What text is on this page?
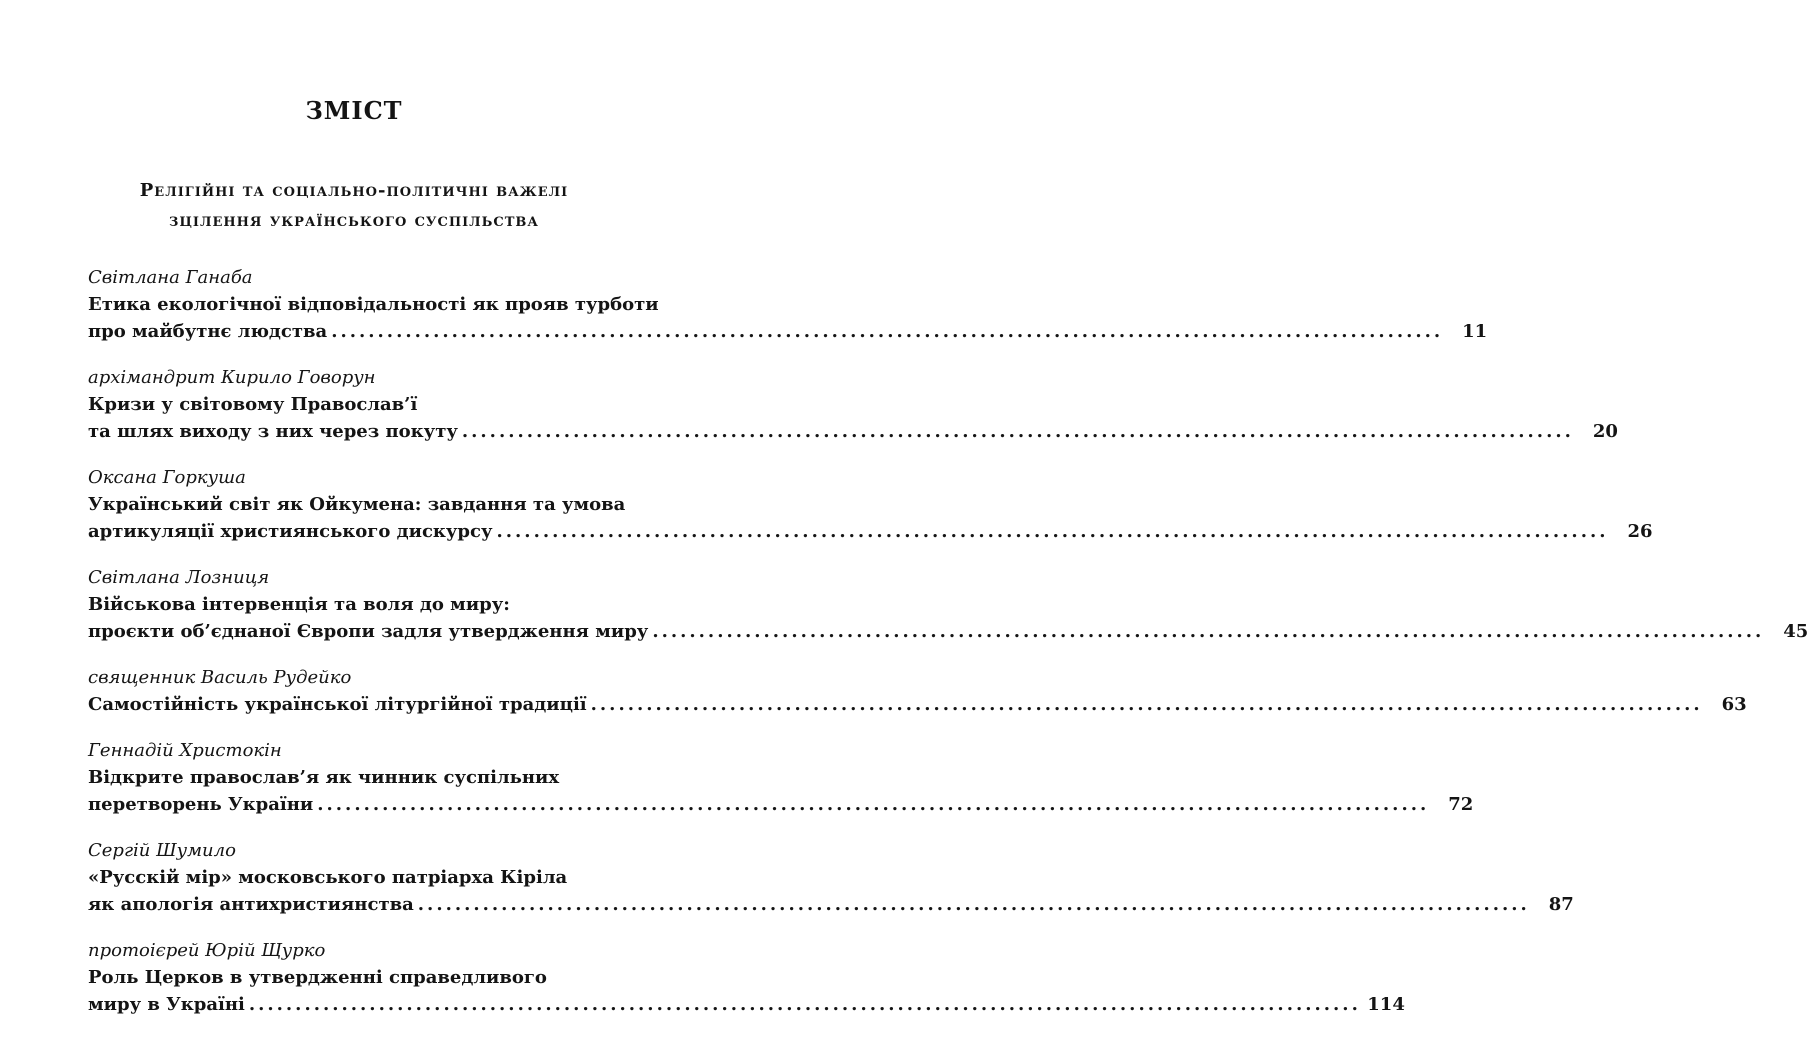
ЗМІСТ
Релігійні та соціально-політичні важелі
зцілення українського суспільства
Світлана Ганаба
Етика екологічної відповідальності як прояв турботи
про майбутнє людства ........................................................................................................................	11
архімандрит Кирило Говорун
Кризи у світовому Православ’ї
та шлях виходу з них через покуту ........................................................................................................................	20
Оксана Горкуша
Український світ як Ойкумена: завдання та умова
артикуляції християнського дискурсу ........................................................................................................................	26
Світлана Лозниця
Військова інтервенція та воля до миру:
проєкти об’єднаної Європи задля утвердження миру ........................................................................................................................	45
священник Василь Рудейко
Самостійність української літургійної традиції ........................................................................................................................	63
Геннадій Христокін
Відкрите православ’я як чинник суспільних
перетворень України ........................................................................................................................	72
Сергій Шумило
«Русскій мір» московського патріарха Кіріла
як апологія антихристиянства ........................................................................................................................	87
протоієрей Юрій Щурко
Роль Церков в утвердженні справедливого
миру в Україні ........................................................................................................................ 114
